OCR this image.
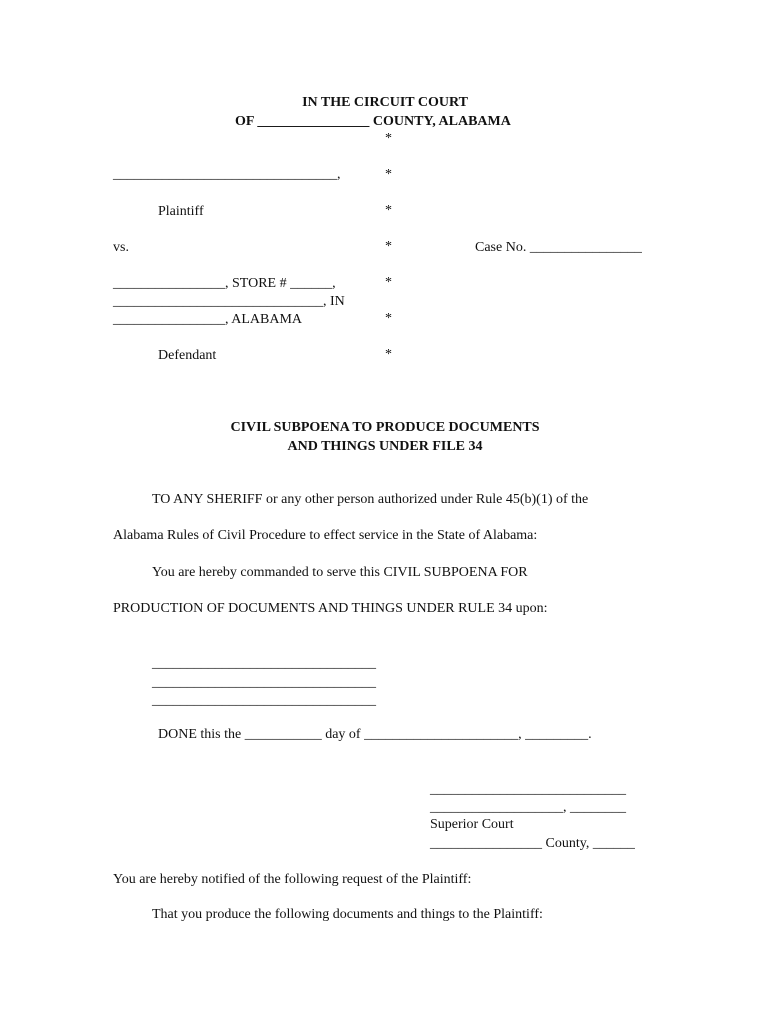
IN THE CIRCUIT COURT
OF ________________ COUNTY, ALABAMA
*
*
*
*
*
*
*
________________________________,
Plaintiff
vs.	Case No. ________________
________________, STORE # ______,
______________________________, IN
________________, ALABAMA
Defendant
CIVIL SUBPOENA TO PRODUCE DOCUMENTS
AND THINGS UNDER FILE 34
TO ANY SHERIFF or any other person authorized under Rule 45(b)(1) of the
Alabama Rules of Civil Procedure to effect service in the State of Alabama:
You are hereby commanded to serve this CIVIL SUBPOENA FOR
PRODUCTION OF DOCUMENTS AND THINGS UNDER RULE 34 upon:
________________________________
________________________________
________________________________
DONE this the ___________ day of ______________________, _________.
____________________________
___________________, ________
Superior Court
________________ County, ______
You are hereby notified of the following request of the Plaintiff:
That you produce the following documents and things to the Plaintiff:
